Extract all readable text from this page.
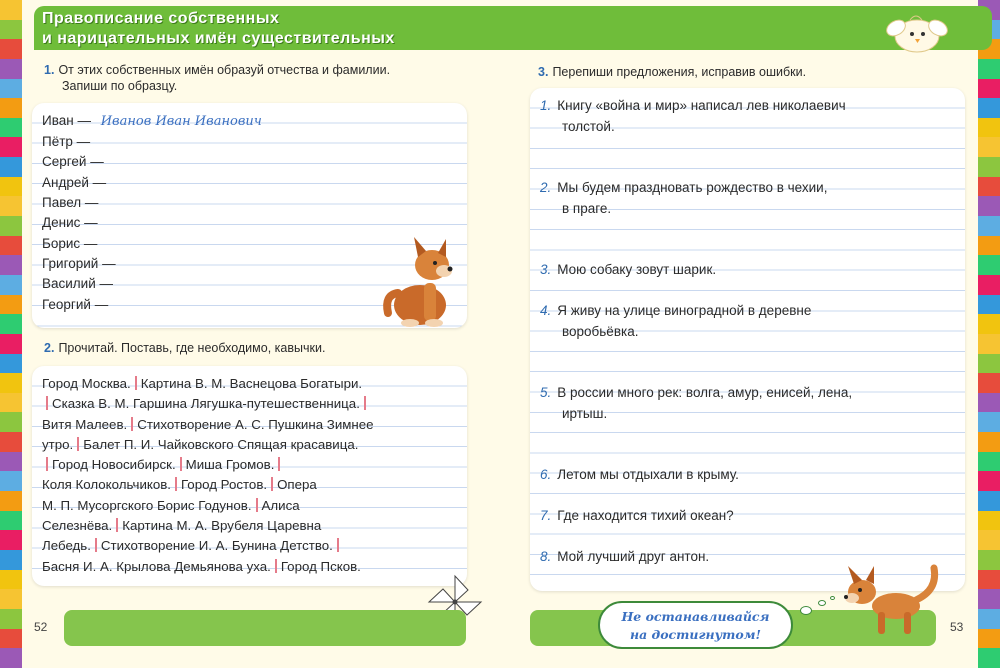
Правописание собственных
и нарицательных имён существительных
1. От этих собственных имён образуй отчества и фамилии.
Запиши по образцу.
Иван — Иванов Иван Иванович
Пётр —
Сергей —
Андрей —
Павел —
Денис —
Борис —
Григорий —
Василий —
Георгий —
2. Прочитай. Поставь, где необходимо, кавычки.
Город Москва. Картина В. М. Васнецова Богатыри.
Сказка В. М. Гаршина Лягушка-путешественница.
Витя Малеев. Стихотворение А. С. Пушкина Зимнее
утро. Балет П. И. Чайковского Спящая красавица.
Город Новосибирск. Миша Громов.
Коля Колокольчиков. Город Ростов. Опера
М. П. Мусоргского Борис Годунов. Алиса
Селезнёва. Картина М. А. Врубеля Царевна
Лебедь. Стихотворение И. А. Бунина Детство.
Басня И. А. Крылова Демьянова уха. Город Псков.
3. Перепиши предложения, исправив ошибки.
1. Книгу «война и мир» написал лев николаевич
толстой.
2. Мы будем праздновать рождество в чехии,
в праге.
3. Мою собаку зовут шарик.
4. Я живу на улице виноградной в деревне
воробьёвка.
5. В россии много рек: волга, амур, енисей, лена,
иртыш.
6. Летом мы отдыхали в крыму.
7. Где находится тихий океан?
8. Мой лучший друг антон.
52	53
Не останавливайся
на достигнутом!
